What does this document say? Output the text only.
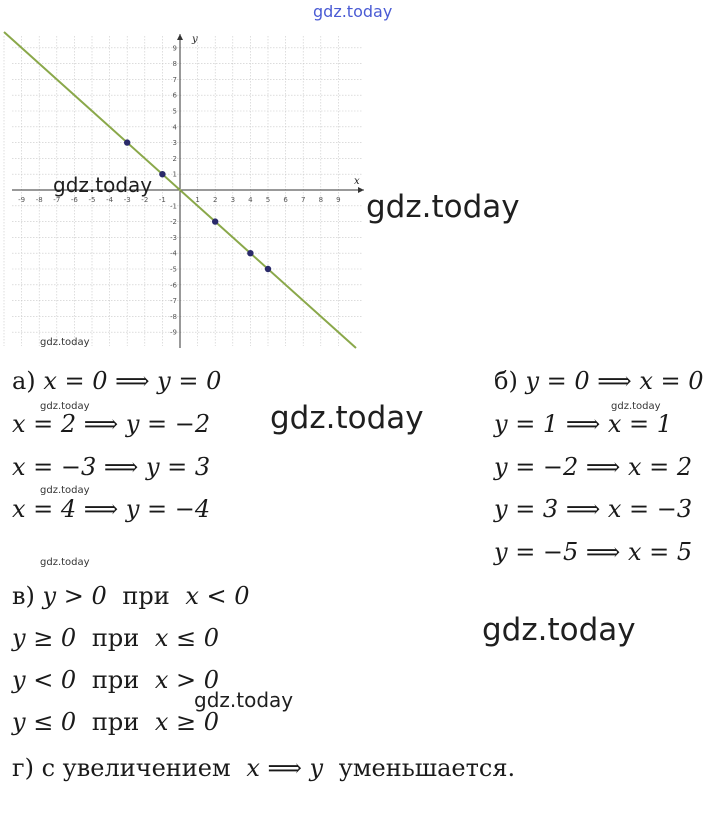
gdz.today
-9 -8 -7 -6 -5 -4 -3 -2 -1	1 2 3 4 5 6 7 8 9
-9
-8
-7
-6
-5
-4
-3
-2
-1
1
2
3
4
5
6
7
8
9
x
y
gdz.today
gdz.today
gdz.today
а) x = 0 ⟹ y = 0
gdz.today
x = 2 ⟹ y = −2 gdz.today
x = −3 ⟹ y = 3
gdz.today
x = 4 ⟹ y = −4
б) y = 0 ⟹ x = 0
gdz.today
y = 1 ⟹ x = 1
y = −2 ⟹ x = 2
y = 3 ⟹ x = −3
y = −5 ⟹ x = 5
gdz.today
в) y > 0 при x < 0
y ≥ 0 при x ≤ 0
y < 0 при x > 0
y ≤ 0 при x ≥ 0
gdz.today
gdz.today
г) с увеличением x ⟹ y уменьшается.
